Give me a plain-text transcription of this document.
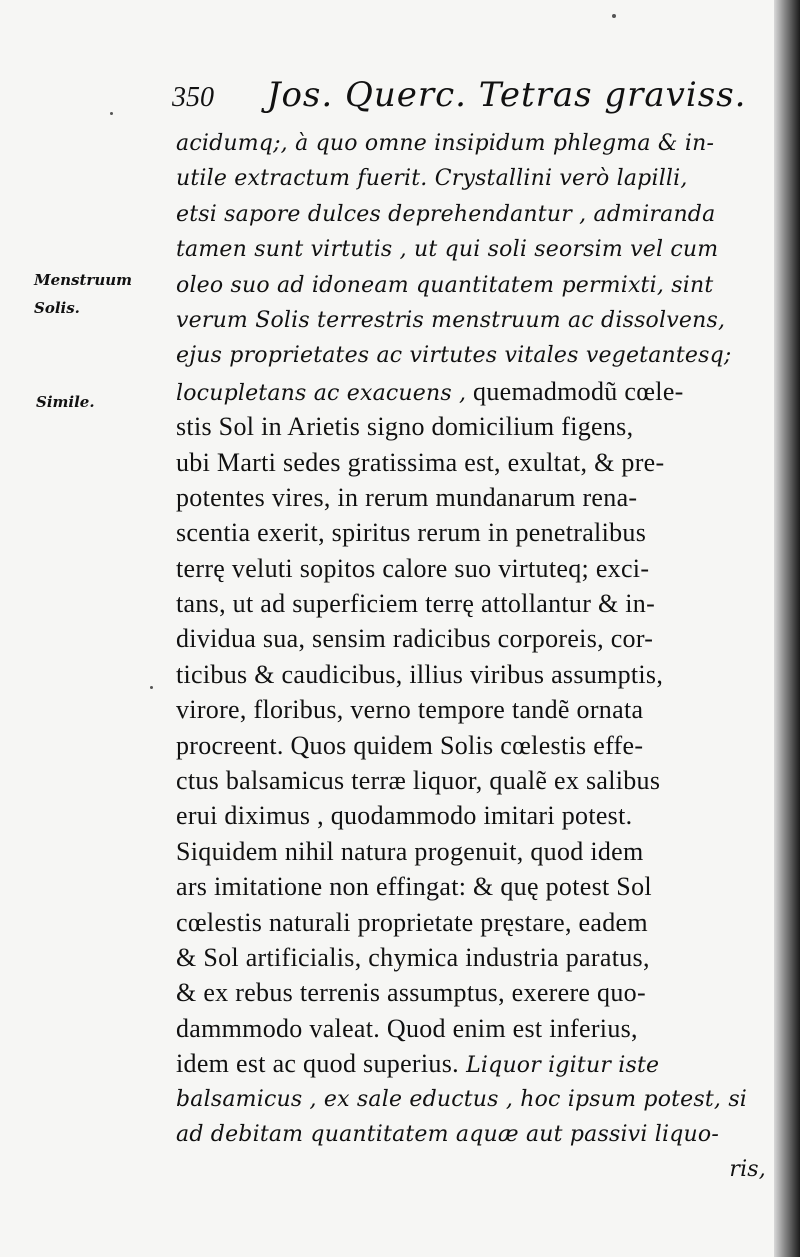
350 Jos. Querc. Tetras graviss.
Menstruum
Solis.
Simile.
acidumq;, à quo omne insipidum phlegma & in-
utile extractum fuerit. Crystallini verò lapilli,
etsi sapore dulces deprehendantur , admiranda
tamen sunt virtutis , ut qui soli seorsim vel cum
oleo suo ad idoneam quantitatem permixti, sint
verum Solis terrestris menstruum ac dissolvens,
ejus proprietates ac virtutes vitales vegetantesq;
locupletans ac exacuens , quemadmodũ cœle-
stis Sol in Arietis signo domicilium figens,
ubi Marti sedes gratissima est, exultat, & pre-
potentes vires, in rerum mundanarum rena-
scentia exerit, spiritus rerum in penetralibus
terrę veluti sopitos calore suo virtuteq; exci-
tans, ut ad superficiem terrę attollantur & in-
dividua sua, sensim radicibus corporeis, cor-
ticibus & caudicibus, illius viribus assumptis,
virore, floribus, verno tempore tandẽ ornata
procreent. Quos quidem Solis cœlestis effe-
ctus balsamicus terræ liquor, qualẽ ex salibus
erui diximus , quodammodo imitari potest.
Siquidem nihil natura progenuit, quod idem
ars imitatione non effingat: & quę potest Sol
cœlestis naturali proprietate pręstare, eadem
& Sol artificialis, chymica industria paratus,
& ex rebus terrenis assumptus, exerere quo-
dammmodo valeat. Quod enim est inferius,
idem est ac quod superius. Liquor igitur iste
balsamicus , ex sale eductus , hoc ipsum potest, si
ad debitam quantitatem aquæ aut passivi liquo-
ris,
